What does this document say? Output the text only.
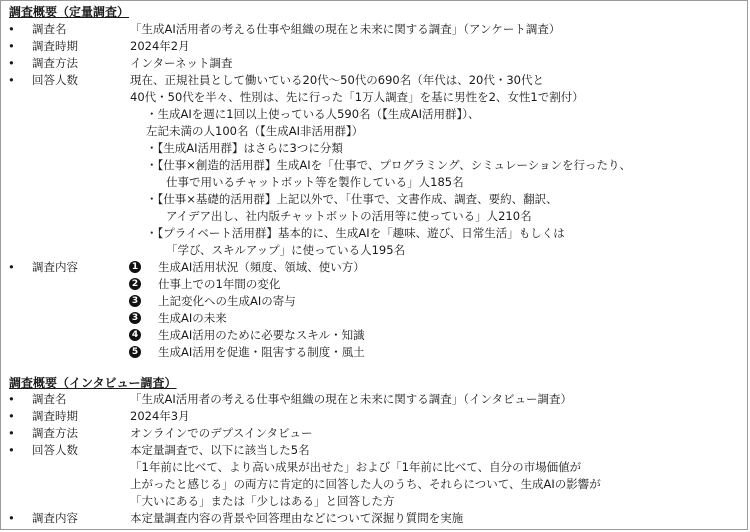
調査概要（定量調査）
• 調査名	「生成AI活用者の考える仕事や組織の現在と未来に関する調査」（アンケート調査）
• 調査時期	2024年2月
• 調査方法	インターネット調査
• 回答人数	現在、正規社員として働いている20代〜50代の690名（年代は、20代・30代と
40代・50代を半々、性別は、先に行った「1万人調査」を基に男性を2、女性1で割付）
・生成AIを週に1回以上使っている人590名（【生成AI活用群】）、
左記未満の人100名（【生成AI非活用群】）
・【生成AI活用群】はさらに3つに分類
・【仕事×創造的活用群】生成AIを「仕事で、プログラミング、シミュレーションを行ったり、
仕事で用いるチャットボット等を製作している」人185名
・【仕事×基礎的活用群】上記以外で、「仕事で、文書作成、調査、要約、翻訳、
アイデア出し、社内版チャットボットの活用等に使っている」人210名
・【プライベート活用群】基本的に、生成AIを「趣味、遊び、日常生活」もしくは
「学び、スキルアップ」に使っている人195名
• 調査内容	1 生成AI活用状況（頻度、領域、使い方）
2 仕事上での1年間の変化
3 上記変化への生成AIの寄与
3 生成AIの未来
4 生成AI活用のために必要なスキル・知識
5 生成AI活用を促進・阻害する制度・風土
調査概要（インタビュー調査）
• 調査名	「生成AI活用者の考える仕事や組織の現在と未来に関する調査」（インタビュー調査）
• 調査時期	2024年3月
• 調査方法	オンラインでのデプスインタビュー
• 回答人数	本定量調査で、以下に該当した5名
「1年前に比べて、より高い成果が出せた」および「1年前に比べて、自分の市場価値が
上がったと感じる」の両方に肯定的に回答した人のうち、それらについて、生成AIの影響が
「大いにある」または「少しはある」と回答した方
• 調査内容	本定量調査内容の背景や回答理由などについて深掘り質問を実施
